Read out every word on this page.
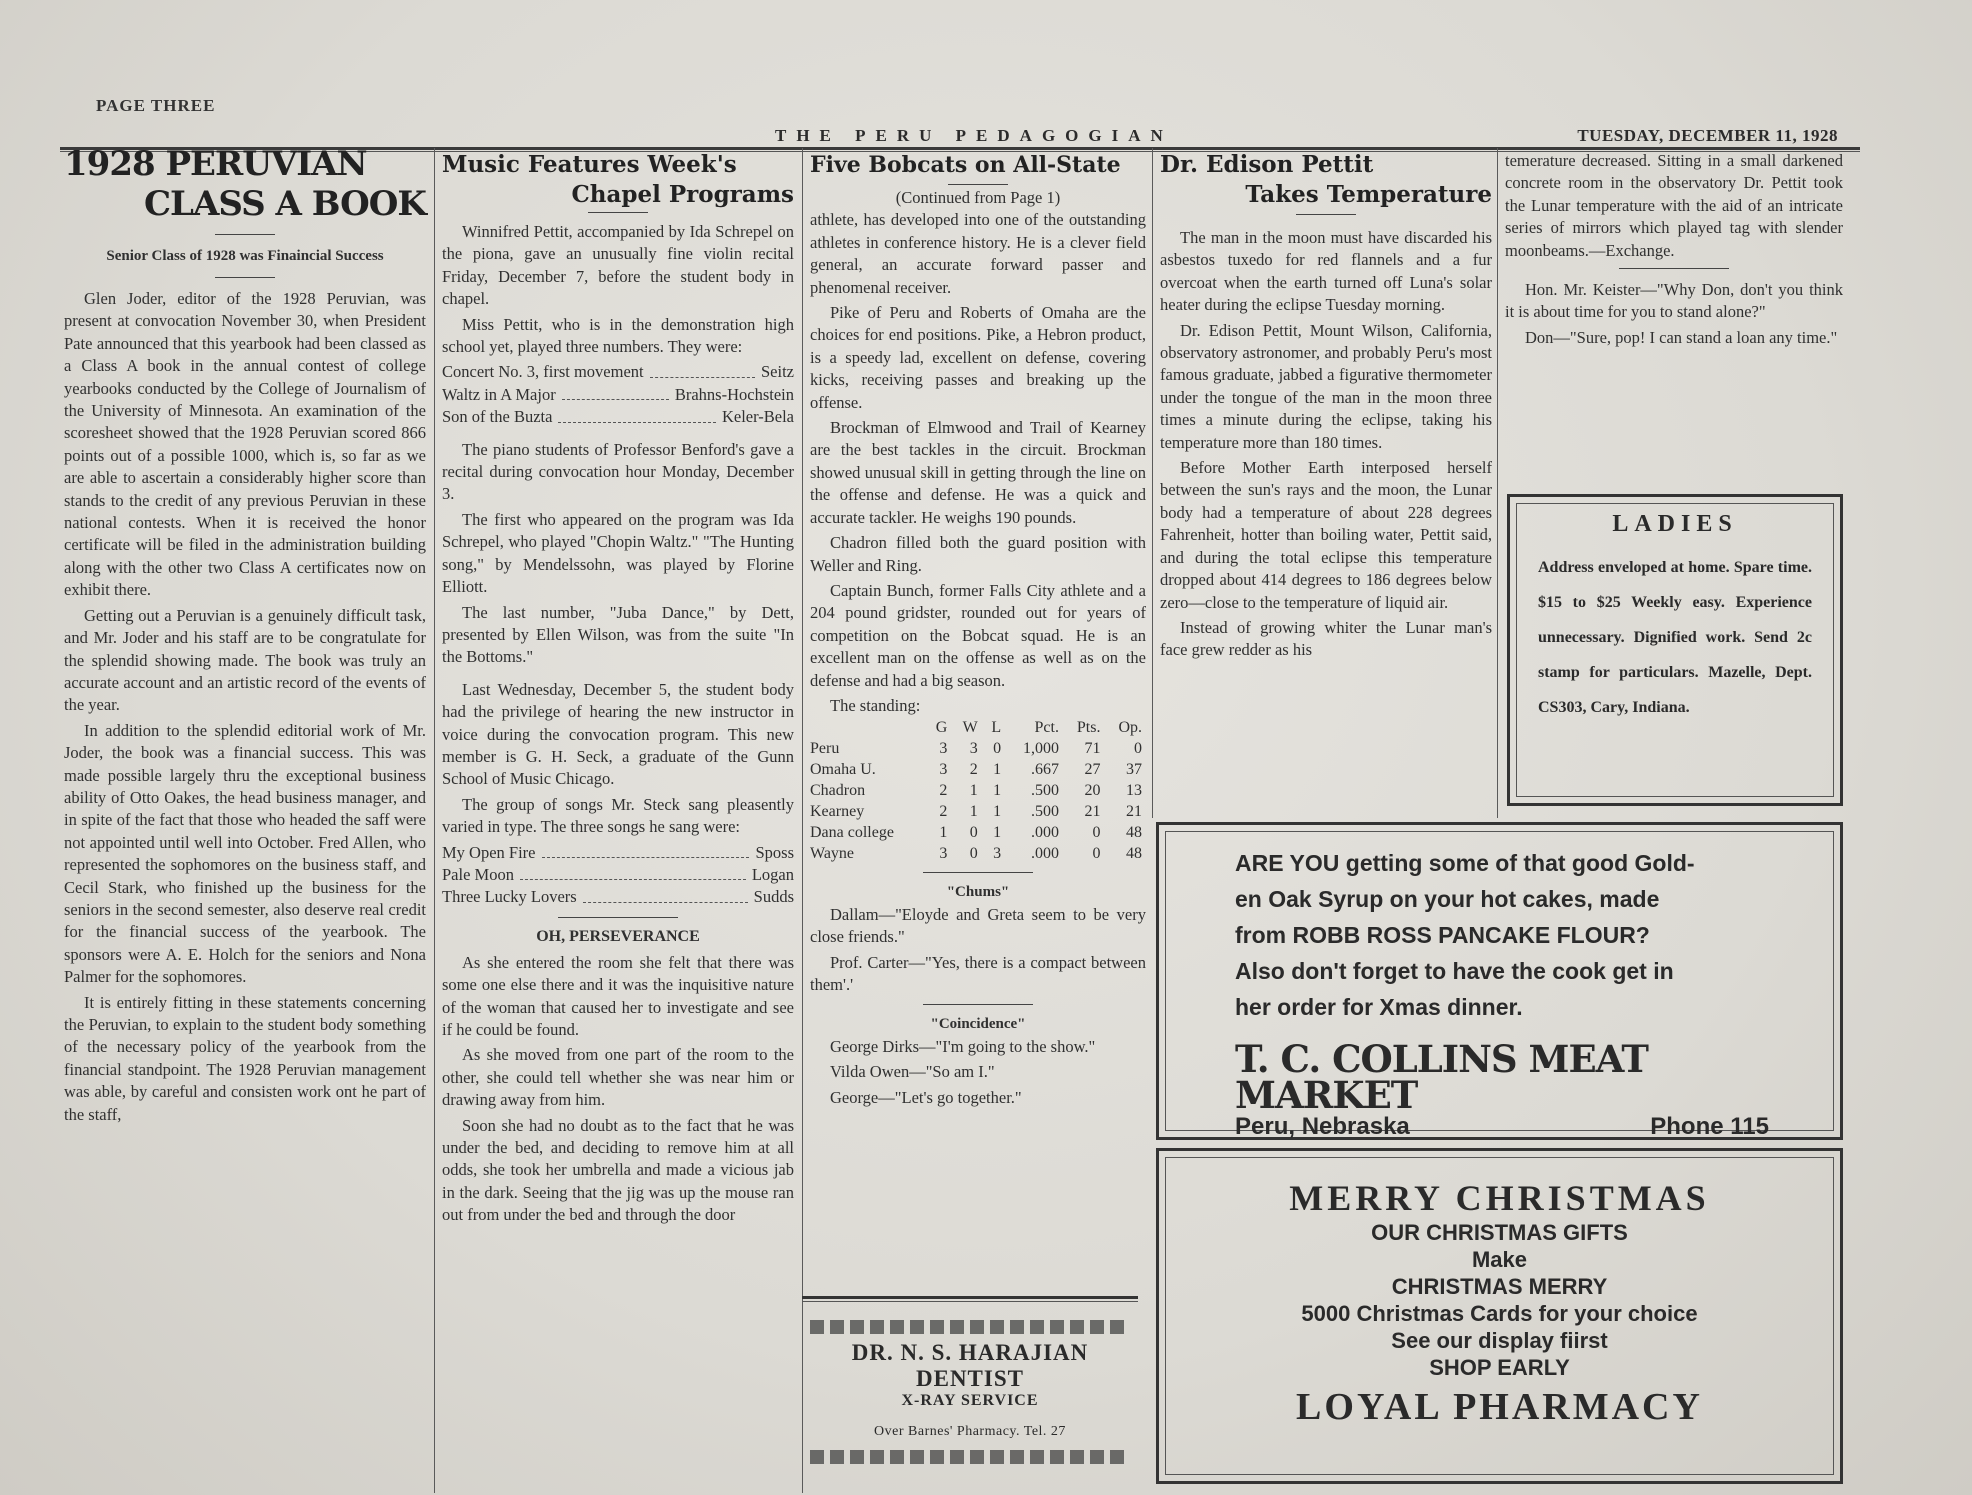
PAGE THREE
THE PERU PEDAGOGIAN	TUESDAY, DECEMBER 11, 1928
1928 PERUVIAN
CLASS A BOOK
Senior Class of 1928 was Finaincial Success

Glen Joder, editor of the 1928 Peruvian, was present at convocation November 30, when President Pate announced that this yearbook had been classed as a Class A book in the annual contest of college yearbooks conducted by the College of Journalism of the University of Minnesota. An examination of the scoresheet showed that the 1928 Peruvian scored 866 points out of a possible 1000, which is, so far as we are able to ascertain a considerably higher score than stands to the credit of any previous Peruvian in these national contests. When it is received the honor certificate will be filed in the administration building along with the other two Class A certificates now on exhibit there.

Getting out a Peruvian is a genuinely difficult task, and Mr. Joder and his staff are to be congratulate for the splendid showing made. The book was truly an accurate account and an artistic record of the events of the year.

In addition to the splendid editorial work of Mr. Joder, the book was a financial success. This was made possible largely thru the exceptional business ability of Otto Oakes, the head business manager, and in spite of the fact that those who headed the saff were not appointed until well into October. Fred Allen, who represented the sophomores on the business staff, and Cecil Stark, who finished up the business for the seniors in the second semester, also deserve real credit for the financial success of the yearbook. The sponsors were A. E. Holch for the seniors and Nona Palmer for the sophomores.

It is entirely fitting in these statements concerning the Peruvian, to explain to the student body something of the necessary policy of the yearbook from the financial standpoint. The 1928 Peruvian management was able, by careful and consisten work ont he part of the staff,

Music Features Week's
Chapel Programs

Winnifred Pettit, accompanied by Ida Schrepel on the piona, gave an unusually fine violin recital Friday, December 7, before the student body in chapel.

Miss Pettit, who is in the demonstration high school yet, played three numbers. They were:

Concert No. 3, first movement	Seitz
Waltz in A Major	Brahns-Hochstein
Son of the Buzta	Keler-Bela

The piano students of Professor Benford's gave a recital during convocation hour Monday, December 3.

The first who appeared on the program was Ida Schrepel, who played "Chopin Waltz." "The Hunting song," by Mendelssohn, was played by Florine Elliott.

The last number, "Juba Dance," by Dett, presented by Ellen Wilson, was from the suite "In the Bottoms."

Last Wednesday, December 5, the student body had the privilege of hearing the new instructor in voice during the convocation program. This new member is G. H. Seck, a graduate of the Gunn School of Music Chicago.

The group of songs Mr. Steck sang pleasently varied in type. The three songs he sang were:

My Open Fire	Sposs
Pale Moon	Logan
Three Lucky Lovers	Sudds
OH, PERSEVERANCE

As she entered the room she felt that there was some one else there and it was the inquisitive nature of the woman that caused her to investigate and see if he could be found.

As she moved from one part of the room to the other, she could tell whether she was near him or drawing away from him.

Soon she had no doubt as to the fact that he was under the bed, and deciding to remove him at all odds, she took her umbrella and made a vicious jab in the dark. Seeing that the jig was up the mouse ran out from under the bed and through the door

Five Bobcats on All-State
(Continued from Page 1)

athlete, has developed into one of the outstanding athletes in conference history. He is a clever field general, an accurate forward passer and phenomenal receiver.

Pike of Peru and Roberts of Omaha are the choices for end positions. Pike, a Hebron product, is a speedy lad, excellent on defense, covering kicks, receiving passes and breaking up the offense.

Brockman of Elmwood and Trail of Kearney are the best tackles in the circuit. Brockman showed unusual skill in getting through the line on the offense and defense. He was a quick and accurate tackler. He weighs 190 pounds.

Chadron filled both the guard position with Weller and Ring.

Captain Bunch, former Falls City athlete and a 204 pound gridster, rounded out for years of competition on the Bobcat squad. He is an excellent man on the offense as well as on the defense and had a big season.

The standing:

	G	W	L	Pct.	Pts.	Op.
Peru	3	3	0	1,000	71	0
Omaha U.	3	2	1	.667	27	37
Chadron	2	1	1	.500	20	13
Kearney	2	1	1	.500	21	21
Dana college	1	0	1	.000	0	48
Wayne	3	0	3	.000	0	48
"Chums"

Dallam—"Eloyde and Greta seem to be very close friends."

Prof. Carter—"Yes, there is a compact between them'.'

"Coincidence"

George Dirks—"I'm going to the show."

Vilda Owen—"So am I."

George—"Let's go together."

DR. N. S. HARAJIAN
DENTIST
X-RAY SERVICE
Over Barnes' Pharmacy. Tel. 27
Dr. Edison Pettit
Takes Temperature

The man in the moon must have discarded his asbestos tuxedo for red flannels and a fur overcoat when the earth turned off Luna's solar heater during the eclipse Tuesday morning.

Dr. Edison Pettit, Mount Wilson, California, observatory astronomer, and probably Peru's most famous graduate, jabbed a figurative thermometer under the tongue of the man in the moon three times a minute during the eclipse, taking his temperature more than 180 times.

Before Mother Earth interposed herself between the sun's rays and the moon, the Lunar body had a temperature of about 228 degrees Fahrenheit, hotter than boiling water, Pettit said, and during the total eclipse this temperature dropped about 414 degrees to 186 degrees below zero—close to the temperature of liquid air.

Instead of growing whiter the Lunar man's face grew redder as his

temerature decreased. Sitting in a small darkened concrete room in the observatory Dr. Pettit took the Lunar temperature with the aid of an intricate series of mirrors which played tag with slender moonbeams.—Exchange.

Hon. Mr. Keister—"Why Don, don't you think it is about time for you to stand alone?"

Don—"Sure, pop! I can stand a loan any time."

LADIES

Address enveloped at home. Spare time. $15 to $25 Weekly easy. Experience unnecessary. Dignified work. Send 2c stamp for particulars. Mazelle, Dept. CS303, Cary, Indiana.

ARE YOU getting some of that good Gold-

en Oak Syrup on your hot cakes, made

from ROBB ROSS PANCAKE FLOUR?

Also don't forget to have the cook get in

her order for Xmas dinner.

T. C. COLLINS MEAT MARKET

Peru, Nebraska	Phone 115
MERRY CHRISTMAS
OUR CHRISTMAS GIFTS
Make
CHRISTMAS MERRY
5000 Christmas Cards for your choice
See our display fiirst
SHOP EARLY
LOYAL PHARMACY
